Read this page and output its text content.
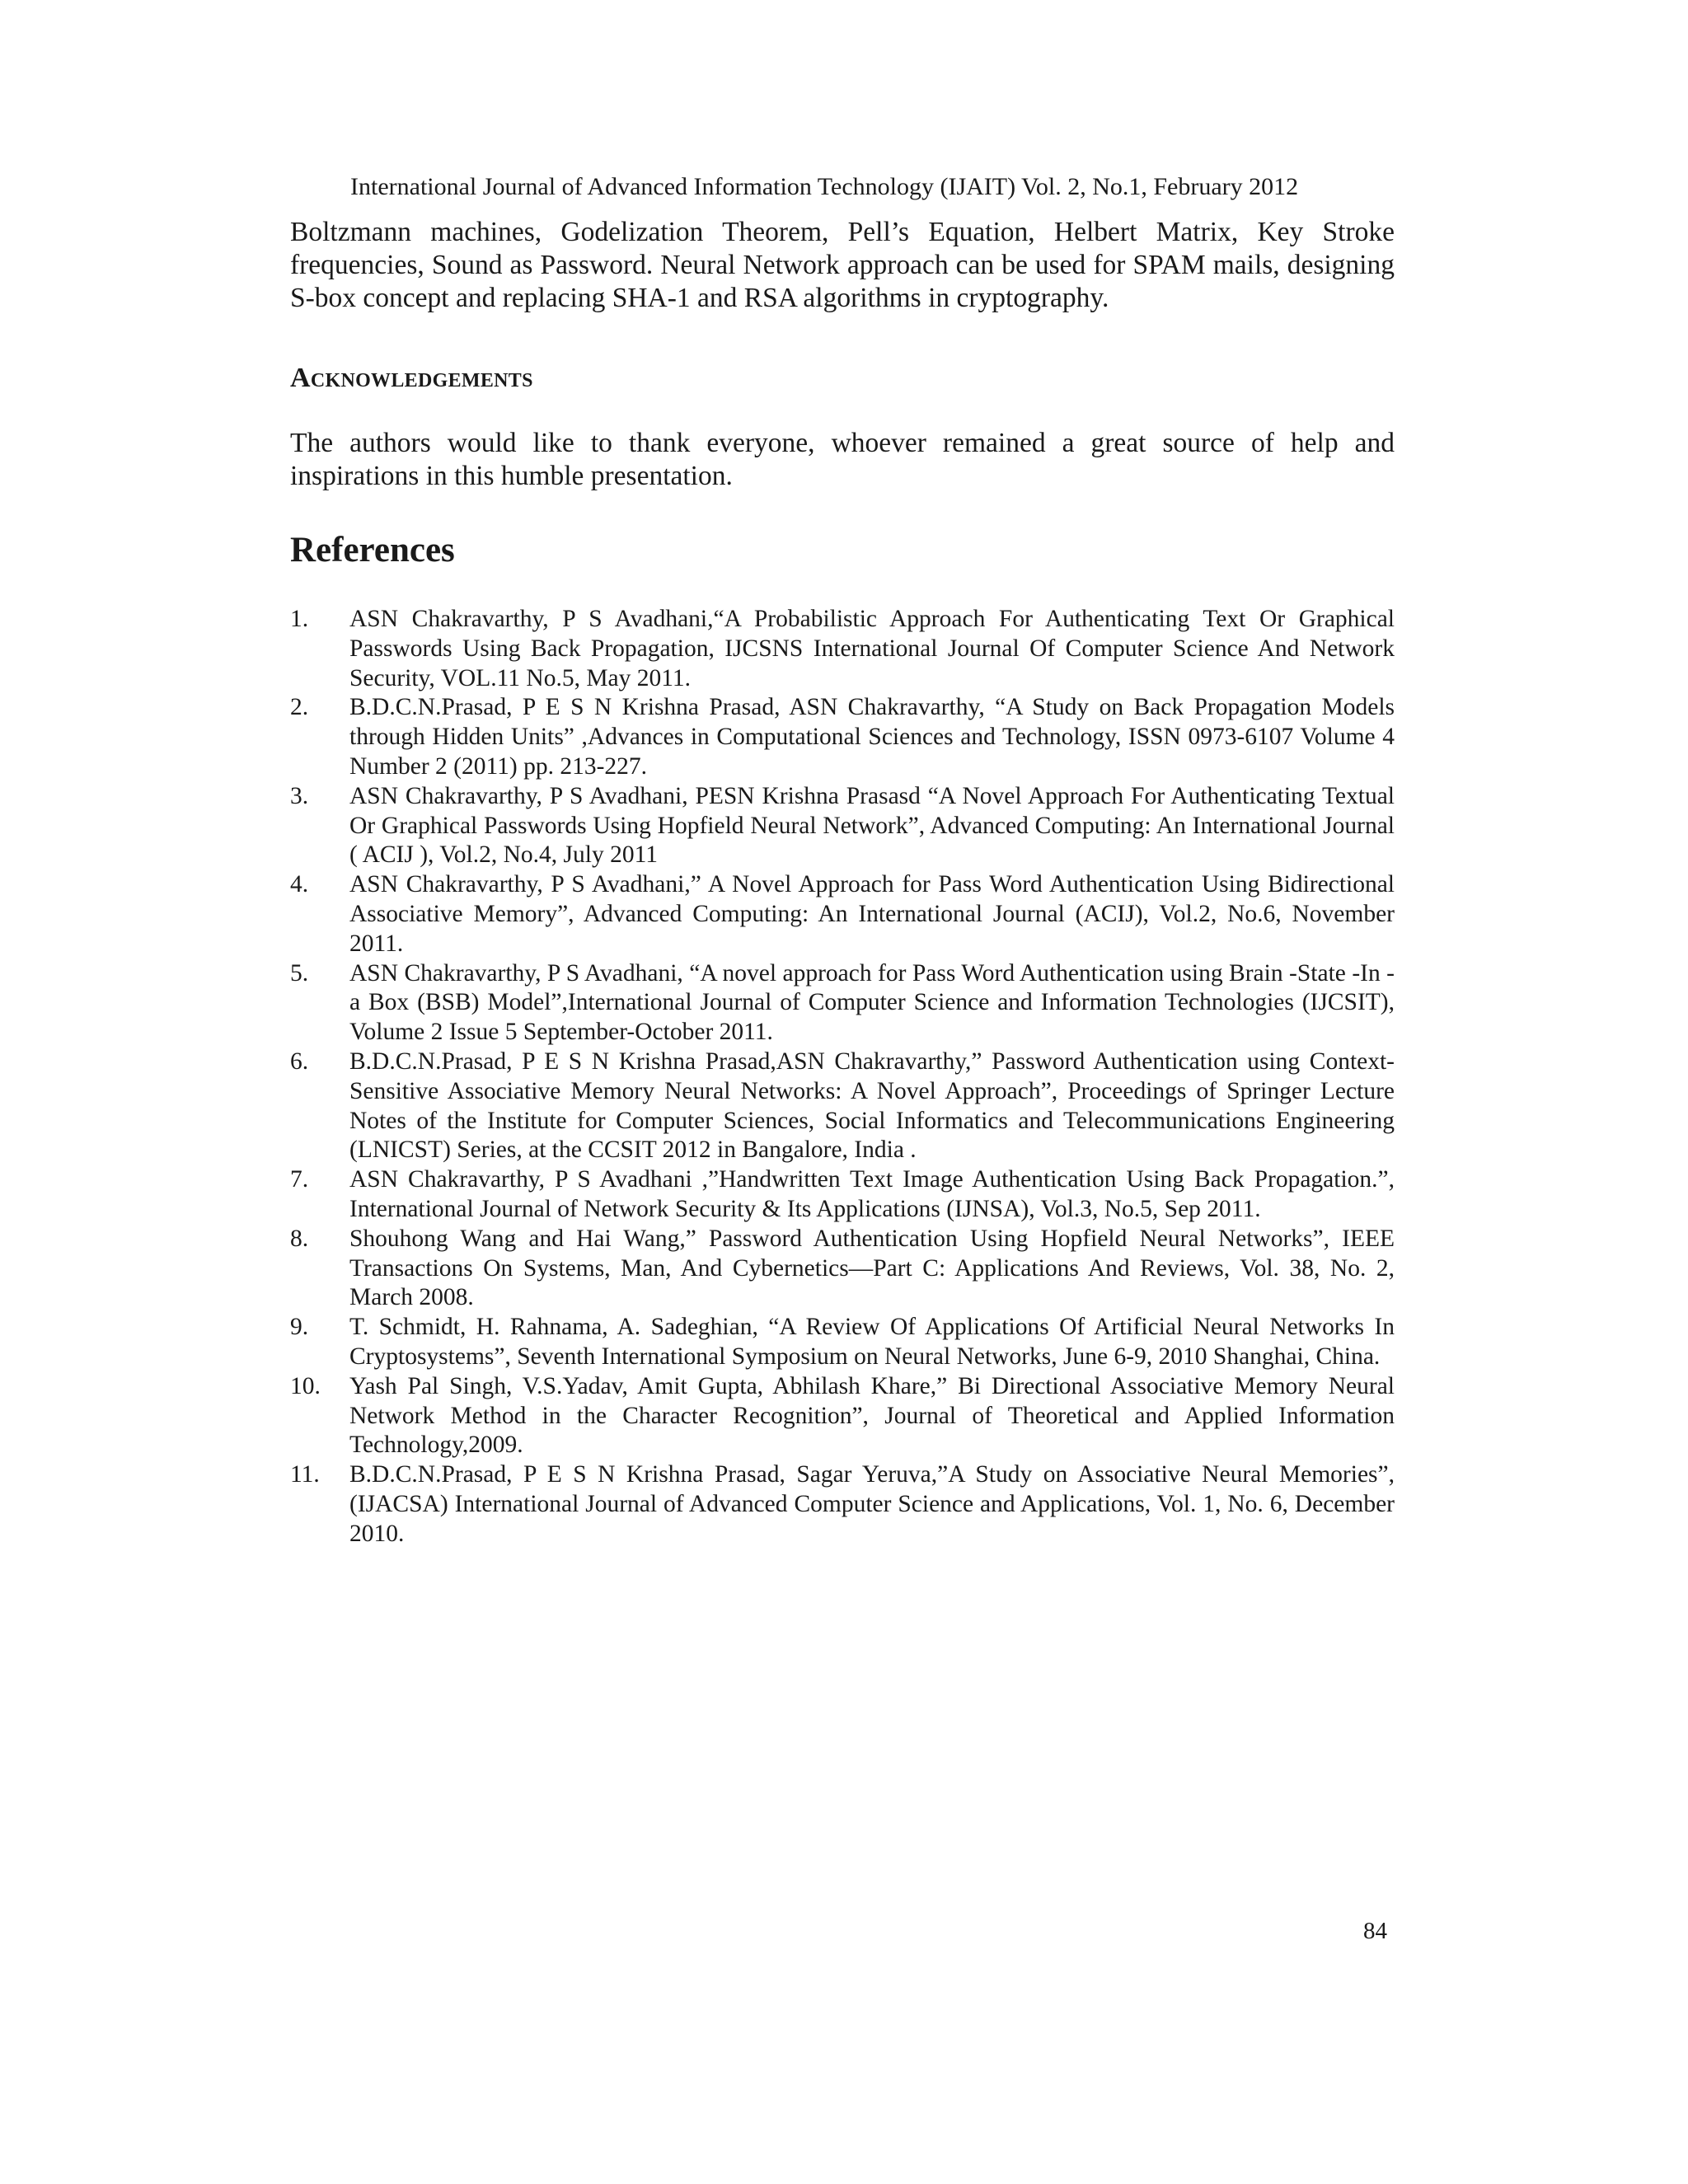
International Journal of Advanced Information Technology (IJAIT) Vol. 2, No.1, February 2012

Boltzmann machines, Godelization Theorem, Pell’s Equation, Helbert Matrix, Key Stroke frequencies, Sound as Password. Neural Network approach can be used for SPAM mails, designing S-box concept and replacing SHA-1 and RSA algorithms in cryptography.

Acknowledgements

The authors would like to thank everyone, whoever remained a great source of help and inspirations in this humble presentation.

References
1.	ASN Chakravarthy, P S Avadhani,“A Probabilistic Approach For Authenticating Text Or Graphical Passwords Using Back Propagation, IJCSNS International Journal Of Computer Science And Network Security, VOL.11 No.5, May 2011.
2.	B.D.C.N.Prasad, P E S N Krishna Prasad, ASN Chakravarthy, “A Study on Back Propagation Models through Hidden Units” ,Advances in Computational Sciences and Technology, ISSN 0973-6107 Volume 4 Number 2 (2011) pp. 213-227.
3.	ASN Chakravarthy, P S Avadhani, PESN Krishna Prasasd “A Novel Approach For Authenticating Textual Or Graphical Passwords Using Hopfield Neural Network”, Advanced Computing: An International Journal ( ACIJ ), Vol.2, No.4, July 2011
4.	ASN Chakravarthy, P S Avadhani,” A Novel Approach for Pass Word Authentication Using Bidirectional Associative Memory”, Advanced Computing: An International Journal (ACIJ), Vol.2, No.6, November 2011.
5.	ASN Chakravarthy, P S Avadhani, “A novel approach for Pass Word Authentication using Brain -State -In -a Box (BSB) Model”,International Journal of Computer Science and Information Technologies (IJCSIT), Volume 2 Issue 5 September-October 2011.
6.	B.D.C.N.Prasad, P E S N Krishna Prasad,ASN Chakravarthy,” Password Authentication using Context-Sensitive Associative Memory Neural Networks: A Novel Approach”, Proceedings of Springer Lecture Notes of the Institute for Computer Sciences, Social Informatics and Telecommunications Engineering (LNICST) Series, at the CCSIT 2012 in Bangalore, India .
7.	ASN Chakravarthy, P S Avadhani ,”Handwritten Text Image Authentication Using Back Propagation.”, International Journal of Network Security & Its Applications (IJNSA), Vol.3, No.5, Sep 2011.
8.	Shouhong Wang and Hai Wang,” Password Authentication Using Hopfield Neural Networks”, IEEE Transactions On Systems, Man, And Cybernetics—Part C: Applications And Reviews, Vol. 38, No. 2, March 2008.
9.	T. Schmidt, H. Rahnama, A. Sadeghian, “A Review Of Applications Of Artificial Neural Networks In Cryptosystems”, Seventh International Symposium on Neural Networks, June 6-9, 2010 Shanghai, China.
10.	Yash Pal Singh, V.S.Yadav, Amit Gupta, Abhilash Khare,” Bi Directional Associative Memory Neural Network Method in the Character Recognition”, Journal of Theoretical and Applied Information Technology,2009.
11.	B.D.C.N.Prasad, P E S N Krishna Prasad, Sagar Yeruva,”A Study on Associative Neural Memories”, (IJACSA) International Journal of Advanced Computer Science and Applications, Vol. 1, No. 6, December 2010.
84
